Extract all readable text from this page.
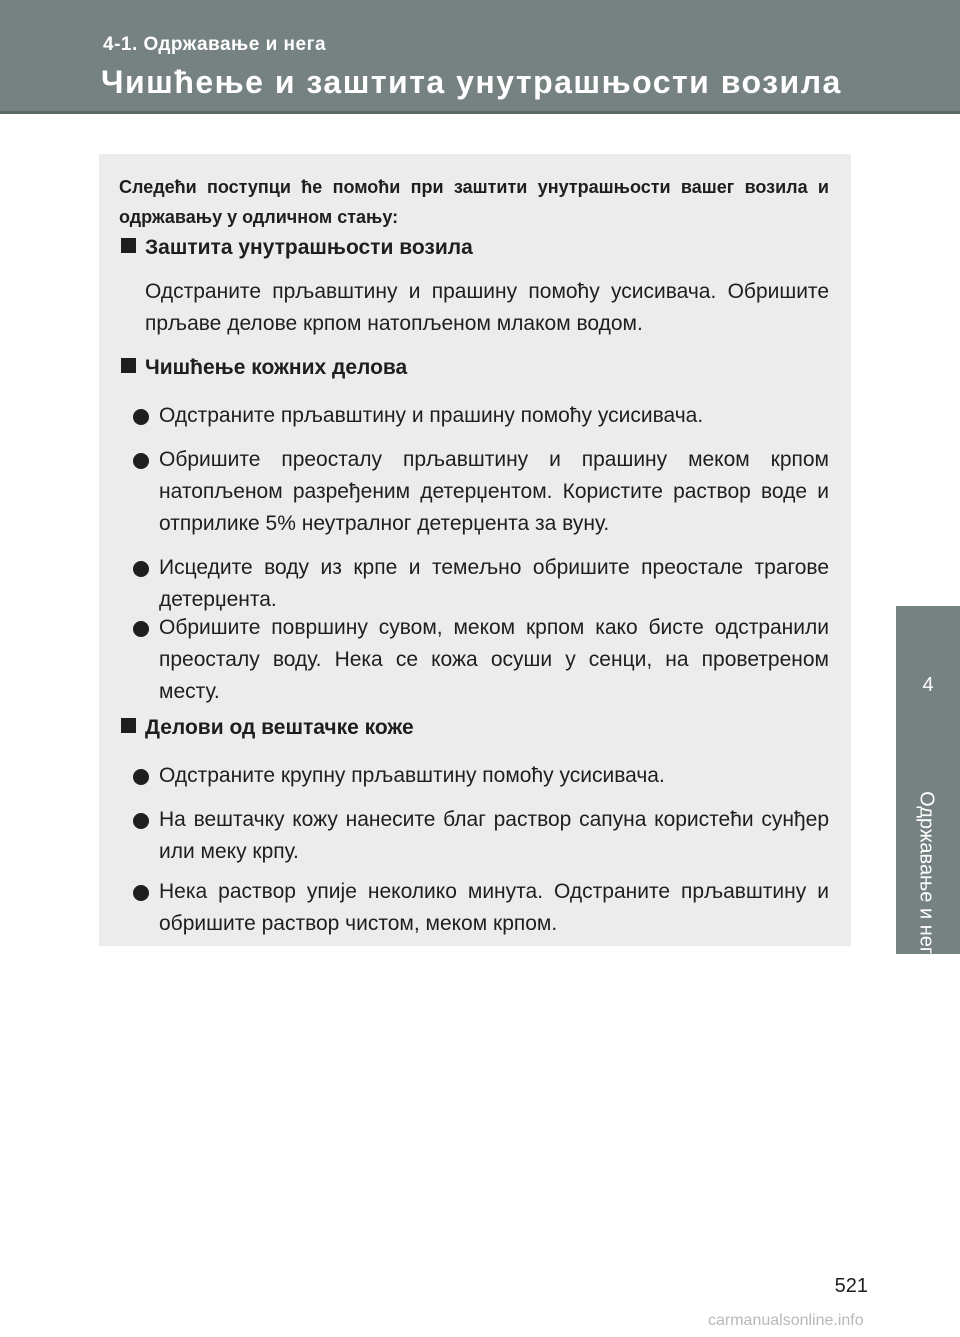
4-1. Одржавање и нега
Чишћење и заштита унутрашњости возила
4
Одржавање и нега

Следећи поступци ће помоћи при заштити унутрашњости вашег возила и одржавању у одличном стању:

Заштита унутрашњости возила

Одстраните прљавштину и прашину помоћу усисивача. Обришите прљаве делове крпом натопљеном млаком водом.

Чишћење кожних делова
Одстраните прљавштину и прашину помоћу усисивача.
Обришите преосталу прљавштину и прашину меком крпом натопљеном разређеним детерџентом. Користите раствор воде и отприлике 5% неутралног детерџента за вуну.
Исцедите воду из крпе и темељно обришите преостале трагове детерџента.
Обришите површину сувом, меком крпом како бисте одстранили преосталу воду. Нека се кожа осуши у сенци, на проветреном месту.
Делови од вештачке коже
Одстраните крупну прљавштину помоћу усисивача.
На вештачку кожу нанесите благ раствор сапуна користећи сунђер или меку крпу.
Нека раствор упије неколико минута. Одстраните прљавштину и обришите раствор чистом, меком крпом.
521
carmanualsonline.info
